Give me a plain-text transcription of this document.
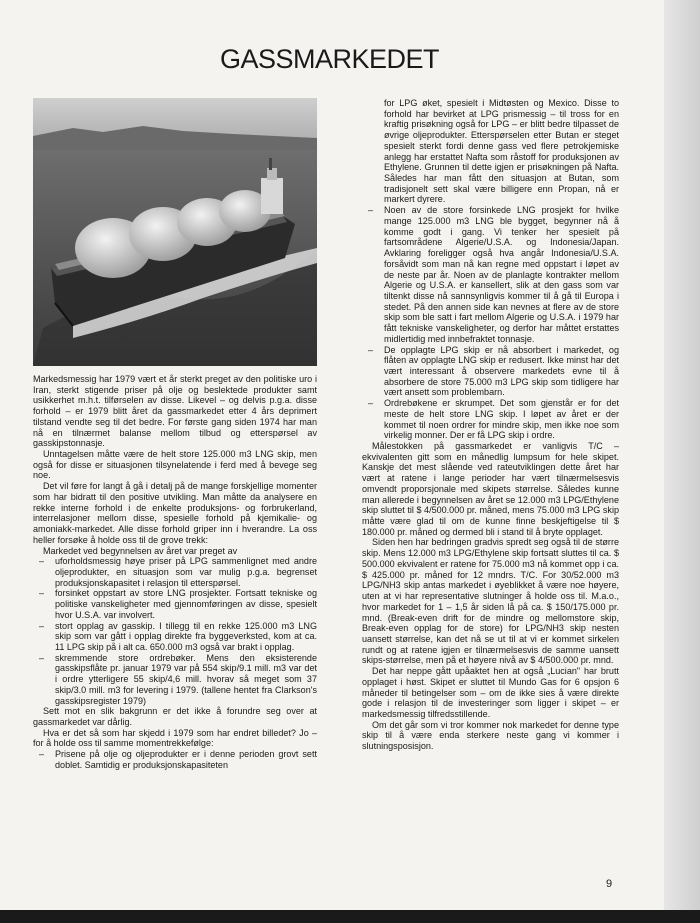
GASSMARKEDET

Markedsmessig har 1979 vært et år sterkt preget av den politiske uro i Iran, sterkt stigende priser på olje og beslektede produkter samt usikkerhet m.h.t. tilførselen av disse. Likevel – og delvis p.g.a. disse forhold – er 1979 blitt året da gassmarkedet etter 4 års deprimert tilstand vendte seg til det bedre. For første gang siden 1974 har man nå en tilnærmet balanse mellom tilbud og etterspørsel av gasskipstonnasje.

Unntagelsen måtte være de helt store 125.000 m3 LNG skip, men også for disse er situasjonen tilsynelatende i ferd med å bevege seg noe.

Det vil føre for langt å gå i detalj på de mange forskjellige momenter som har bidratt til den positive utvikling. Man måtte da analysere en rekke interne forhold i de enkelte produksjons- og forbrukerland, interrelasjoner mellom disse, spesielle forhold på kjemikalie- og amoniakk-markedet. Alle disse forhold griper inn i hverandre. La oss heller forsøke å holde oss til de grove trekk:

Markedet ved begynnelsen av året var preget av

– uforholdsmessig høye priser på LPG sammenlignet med andre oljeprodukter, en situasjon som var mulig p.g.a. begrenset produksjonskapasitet i relasjon til etterspørsel.

– forsinket oppstart av store LNG prosjekter. Fortsatt tekniske og politiske vanskeligheter med gjennomføringen av disse, spesielt hvor U.S.A. var involvert.

– stort opplag av gasskip. I tillegg til en rekke 125.000 m3 LNG skip som var gått i opplag direkte fra byggeverksted, kom at ca. 11 LPG skip på i alt ca. 650.000 m3 også var brakt i opplag.

– skremmende store ordrebøker. Mens den eksisterende gasskipsflåte pr. januar 1979 var på 554 skip/9.1 mill. m3 var det i ordre ytterligere 55 skip/4,6 mill. hvorav så meget som 37 skip/3.0 mill. m3 for levering i 1979. (tallene hentet fra Clarkson's gasskipsregister 1979)

Sett mot en slik bakgrunn er det ikke å forundre seg over at gassmarkedet var dårlig.

Hva er det så som har skjedd i 1979 som har endret billedet? Jo – for å holde oss til samme momentrekkefølge:

– Prisene på olje og oljeprodukter er i denne perioden grovt sett doblet. Samtidig er produksjonskapasiteten

for LPG øket, spesielt i Midtøsten og Mexico. Disse to forhold har bevirket at LPG prismessig – til tross for en kraftig prisøkning også for LPG – er blitt bedre tilpasset de øvrige oljeprodukter. Etterspørselen etter Butan er steget spesielt sterkt fordi denne gass ved flere petrokjemiske anlegg har erstattet Nafta som råstoff for produksjonen av Ethylene. Grunnen til dette igjen er prisøkningen på Nafta. Således har man fått den situasjon at Butan, som tradisjonelt sett skal være billigere enn Propan, nå er markert dyrere.

– Noen av de store forsinkede LNG prosjekt for hvilke mange 125.000 m3 LNG ble bygget, begynner nå å komme godt i gang. Vi tenker her spesielt på fartsområdene Algerie/U.S.A. og Indonesia/Japan. Avklaring foreligger også hva angår Indonesia/U.S.A. forsåvidt som man nå kan regne med oppstart i løpet av de neste par år. Noen av de planlagte kontrakter mellom Algerie og U.S.A. er kansellert, slik at den gass som var tiltenkt disse nå sannsynligvis kommer til å gå til Europa i stedet. På den annen side kan nevnes at flere av de store skip som ble satt i fart mellom Algerie og U.S.A. i 1979 har fått tekniske vanskeligheter, og derfor har måttet erstattes midlertidig med innbefraktet tonnasje.

– De opplagte LPG skip er nå absorbert i markedet, og flåten av opplagte LNG skip er redusert. Ikke minst har det vært interessant å observere markedets evne til å absorbere de store 75.000 m3 LPG skip som tidligere har vært ansett som problembarn.

– Ordrebøkene er skrumpet. Det som gjenstår er for det meste de helt store LNG skip. I løpet av året er der kommet til noen ordrer for mindre skip, men ikke noe som virkelig monner. Der er få LPG skip i ordre.

Målestokken på gassmarkedet er vanligvis T/C – ekvivalenten gitt som en månedlig lumpsum for hele skipet. Kanskje det mest slående ved rateutviklingen dette året har vært at ratene i lange perioder har vært tilnærmelsesvis omvendt proporsjonale med skipets størrelse. Således kunne man allerede i begynnelsen av året se 12.000 m3 LPG/Ethylene skip sluttet til $ 4/500.000 pr. måned, mens 75.000 m3 LPG skip måtte være glad til om de kunne finne beskjeftigelse til $ 180.000 pr. måned og dermed bli i stand til å bryte opplaget.

Siden hen har bedringen gradvis spredt seg også til de større skip. Mens 12.000 m3 LPG/Ethylene skip fortsatt sluttes til ca. $ 500.000 ekvivalent er ratene for 75.000 m3 nå kommet opp i ca. $ 425.000 pr. måned for 12 mndrs. T/C. For 30/52.000 m3 LPG/NH3 skip antas markedet i øyeblikket å være noe høyere, uten at vi har representative slutninger å holde oss til. M.a.o., hvor markedet for 1 – 1,5 år siden lå på ca. $ 150/175.000 pr. mnd. (Break-even drift for de mindre og mellomstore skip, Break-even opplag for de store) for LPG/NH3 skip nesten uansett størrelse, kan det nå se ut til at vi er kommet sirkelen rundt og at ratene igjen er tilnærmelsesvis de samme uansett skips-størrelse, men på et høyere nivå av $ 4/500.000 pr. mnd.

Det har neppe gått upåaktet hen at også „Lucian" har brutt opplaget i høst. Skipet er sluttet til Mundo Gas for 6 opsjon 6 måneder til betingelser som – om de ikke sies å være direkte gode i relasjon til de investeringer som ligger i skipet – er markedsmessig tilfredsstillende.

Om det går som vi tror kommer nok markedet for denne type skip til å være enda sterkere neste gang vi kommer i slutningsposisjon.

9
